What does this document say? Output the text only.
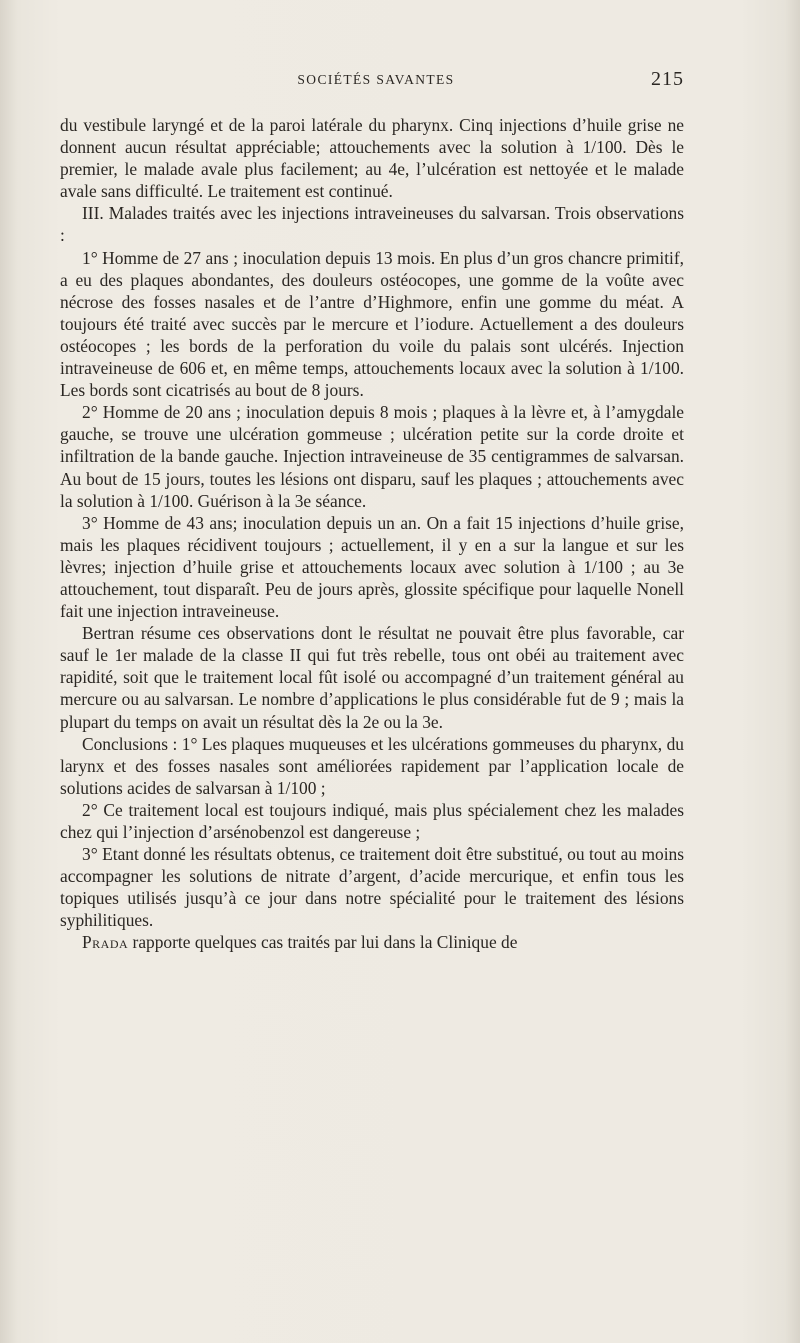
SOCIÉTÉS SAVANTES	215

du vestibule laryngé et de la paroi latérale du pharynx. Cinq injections d’huile grise ne donnent aucun résultat appréciable; attouchements avec la solution à 1/100. Dès le premier, le malade avale plus facilement; au 4e, l’ulcération est nettoyée et le malade avale sans difficulté. Le traitement est continué.

III. Malades traités avec les injections intraveineuses du salvarsan. Trois observations :

1° Homme de 27 ans ; inoculation depuis 13 mois. En plus d’un gros chancre primitif, a eu des plaques abondantes, des douleurs ostéocopes, une gomme de la voûte avec nécrose des fosses nasales et de l’antre d’Highmore, enfin une gomme du méat. A toujours été traité avec succès par le mercure et l’iodure. Actuellement a des douleurs ostéocopes ; les bords de la perforation du voile du palais sont ulcérés. Injection intraveineuse de 606 et, en même temps, attouchements locaux avec la solution à 1/100. Les bords sont cicatrisés au bout de 8 jours.

2° Homme de 20 ans ; inoculation depuis 8 mois ; plaques à la lèvre et, à l’amygdale gauche, se trouve une ulcération gommeuse ; ulcération petite sur la corde droite et infiltration de la bande gauche. Injection intraveineuse de 35 centigrammes de salvarsan. Au bout de 15 jours, toutes les lésions ont disparu, sauf les plaques ; attouchements avec la solution à 1/100. Guérison à la 3e séance.

3° Homme de 43 ans; inoculation depuis un an. On a fait 15 injections d’huile grise, mais les plaques récidivent toujours ; actuellement, il y en a sur la langue et sur les lèvres; injection d’huile grise et attouchements locaux avec solution à 1/100 ; au 3e attouchement, tout disparaît. Peu de jours après, glossite spécifique pour laquelle Nonell fait une injection intraveineuse.

Bertran résume ces observations dont le résultat ne pouvait être plus favorable, car sauf le 1er malade de la classe II qui fut très rebelle, tous ont obéi au traitement avec rapidité, soit que le traitement local fût isolé ou accompagné d’un traitement général au mercure ou au salvarsan. Le nombre d’applications le plus considérable fut de 9 ; mais la plupart du temps on avait un résultat dès la 2e ou la 3e.

Conclusions : 1° Les plaques muqueuses et les ulcérations gommeuses du pharynx, du larynx et des fosses nasales sont améliorées rapidement par l’application locale de solutions acides de salvarsan à 1/100 ;

2° Ce traitement local est toujours indiqué, mais plus spécialement chez les malades chez qui l’injection d’arsénobenzol est dangereuse ;

3° Etant donné les résultats obtenus, ce traitement doit être substitué, ou tout au moins accompagner les solutions de nitrate d’argent, d’acide mercurique, et enfin tous les topiques utilisés jusqu’à ce jour dans notre spécialité pour le traitement des lésions syphilitiques.

Prada rapporte quelques cas traités par lui dans la Clinique de
